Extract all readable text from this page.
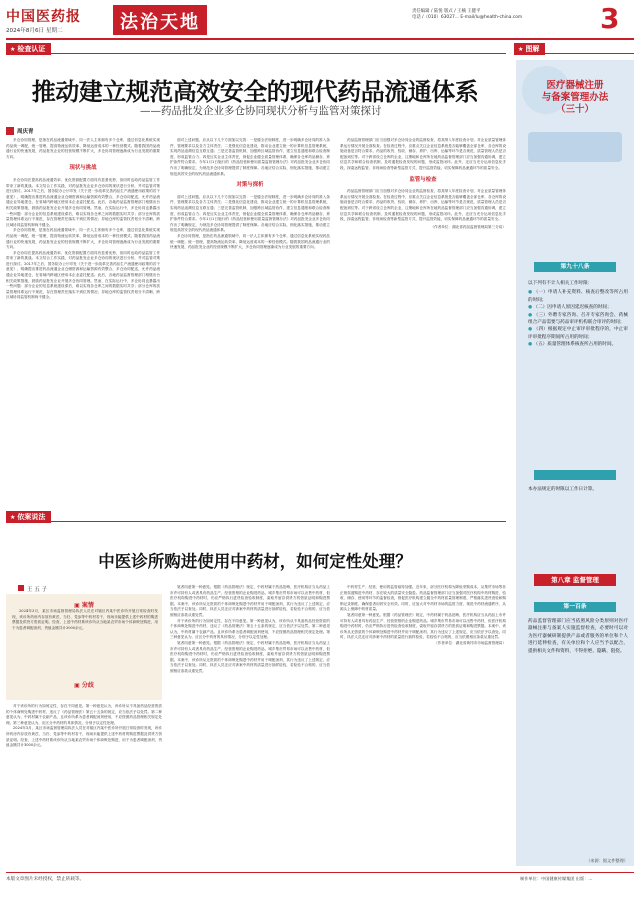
中国医药报
2024年8月6日 星期二	法治天地
责任编辑 / 陆悦 版式 / 王楠 王健平
电话 /（010）63027... E-mail/lu@health-china.com	3
★ 检查认证
推动建立规范高效安全的现代药品流通体系
——药品批发企业多仓协同现状分析与监管对策探讨
周庆青

多仓协同管理，是指在药品流通领域中，同一法人主体拥有多个仓库，通过信息化系统实现药品统一调配、统一管理，提高物流运转效率、降低运营成本的一种经营模式。随着我国药品流通行业的快速发展，药品批发企业的经营规模不断扩大，多仓协同管理逐渐成为行业发展的重要方向。

现状与挑战

多仓协同在提高药品流通效率、优化资源配置方面具有显著优势，但同时也给药品监管工作带来了新的挑战。本文结合工作实践，对药品批发企业多仓协同的现状进行分析，并对监管对策进行探讨。2017年之后，国务院办公厅印发《关于进一步改革完善药品生产流通使用政策的若干意见》，明确提出推进药品流通企业仓储资源和运输资源有效整合，多仓协同配送，允许药品流通企业异地建仓，在省域内跨地区使用本企业委托配送。此后，各地药品监督管理部门相继出台相关政策措施，鼓励药品批发企业开展多仓协同管理。然而，在实际运行中，多仓协同也暴露出一些问题：部分企业的信息系统建设滞后，难以实现各仓库之间的数据实时共享；部分仓库的质量管理体系运行不规范，存在管理责任落实不到位的情况；异地仓库的监管权责划分不清晰，跨区域协同监管机制尚不健全。

多仓协同管理，是指在药品流通领域中，同一法人主体拥有多个仓库，通过信息化系统实现药品统一调配、统一管理，提高物流运转效率、降低运营成本的一种经营模式。随着我国药品流通行业的快速发展，药品批发企业的经营规模不断扩大，多仓协同管理逐渐成为行业发展的重要方向。

多仓协同在提高药品流通效率、优化资源配置方面具有显著优势，但同时也给药品监管工作带来了新的挑战。本文结合工作实践，对药品批发企业多仓协同的现状进行分析，并对监管对策进行探讨。2017年之后，国务院办公厅印发《关于进一步改革完善药品生产流通使用政策的若干意见》，明确提出推进药品流通企业仓储资源和运输资源有效整合，多仓协同配送，允许药品流通企业异地建仓，在省域内跨地区使用本企业委托配送。此后，各地药品监督管理部门相继出台相关政策措施，鼓励药品批发企业开展多仓协同管理。然而，在实际运行中，多仓协同也暴露出一些问题：部分企业的信息系统建设滞后，难以实现各仓库之间的数据实时共享；部分仓库的质量管理体系运行不规范，存在管理责任落实不到位的情况；异地仓库的监管权责划分不清晰，跨区域协同监管机制尚不健全。

面对上述问题，应从以下几个方面加以完善：一是健全法规制度，进一步明确多仓协同的准入条件、管理要求以及各方主体责任；二是强化信息化建设，推动企业建立统一的计算机信息管理系统，实现药品追溯信息互联互通；三是完善监管机制，加强跨区域监管协作，建立信息通报和联合检查制度，形成监管合力；四是压实企业主体责任，督促企业健全质量管理体系，确保各仓库药品储存、养护条件符合要求。今年1月1日施行的《药品经营和使用质量监督管理办法》对药品批发企业多仓协同作出了明确规定，为规范多仓协同管理提供了制度保障。各地应结合实际，细化落实措施，推动建立规范高效安全的现代药品流通体系。

对策与探析

面对上述问题，应从以下几个方面加以完善：一是健全法规制度，进一步明确多仓协同的准入条件、管理要求以及各方主体责任；二是强化信息化建设，推动企业建立统一的计算机信息管理系统，实现药品追溯信息互联互通；三是完善监管机制，加强跨区域监管协作，建立信息通报和联合检查制度，形成监管合力；四是压实企业主体责任，督促企业健全质量管理体系，确保各仓库药品储存、养护条件符合要求。今年1月1日施行的《药品经营和使用质量监督管理办法》对药品批发企业多仓协同作出了明确规定，为规范多仓协同管理提供了制度保障。各地应结合实际，细化落实措施，推动建立规范高效安全的现代药品流通体系。

多仓协同管理，是指在药品流通领域中，同一法人主体拥有多个仓库，通过信息化系统实现药品统一调配、统一管理，提高物流运转效率、降低运营成本的一种经营模式。随着我国药品流通行业的快速发展，药品批发企业的经营规模不断扩大，多仓协同管理逐渐成为行业发展的重要方向。

药品监督管理部门应当加强对多仓协同企业的监督检查，将其纳入年度检查计划，对企业质量管理体系运行情况开展全面检查。在检查过程中，应重点关注企业信息系统是否能够覆盖全部仓库，各仓库的设施设备是否符合要求，药品的收货、验收、储存、养护、出库、运输等环节是否规范，质量管理人员是否配备到位等。对于跨省设立仓库的企业，注册地和仓库所在地药品监督管理部门应当加强沟通协调，建立信息共享和联合检查机制，及时通报检查发现的问题，形成监管闭环。此外，还应当充分运用信息化手段，探索远程监管、非现场检查等新型监管方式，提升监管效能，切实保障药品流通环节的质量安全。

监管与检查

药品监督管理部门应当加强对多仓协同企业的监督检查，将其纳入年度检查计划，对企业质量管理体系运行情况开展全面检查。在检查过程中，应重点关注企业信息系统是否能够覆盖全部仓库，各仓库的设施设备是否符合要求，药品的收货、验收、储存、养护、出库、运输等环节是否规范，质量管理人员是否配备到位等。对于跨省设立仓库的企业，注册地和仓库所在地药品监督管理部门应当加强沟通协调，建立信息共享和联合检查机制，及时通报检查发现的问题，形成监管闭环。此外，还应当充分运用信息化手段，探索远程监管、非现场检查等新型监管方式，提升监管效能，切实保障药品流通环节的质量安全。

（作者单位：湖北省药品监督管理局第三分局）
★ 依案说法
中医诊所购进使用中药材，如何定性处理？
王 五 子
▣ 案情

2024年3月，某区市场监督管理局执法人员在对辖区内某中医诊所开展日常检查时发现，该诊所药房内存放有黄芪、当归、党参等中药材若干，现场未能提供上述中药材的购进票据及供货方资质证明。经查，上述中药材系该诊所从当地某农贸市场个体商贩处购进，用于为患者调配汤剂，货值金额共计3000余元。

▣ 分歧

对于该诊所的行为如何定性，存在不同意见。第一种意见认为，该诊所从不具备药品经营资质的个体商贩处购进中药材，违反了《药品管理法》第五十五条的规定，应当依法予以处罚。第二种意见认为，中药材属于农副产品，且该诊所系为患者调配汤剂使用，不应按照药品管理相关规定处理。第三种意见认为，应区分中药材的具体情况，分别予以定性处理。

2024年3月，某区市场监督管理局执法人员在对辖区内某中医诊所开展日常检查时发现，该诊所药房内存放有黄芪、当归、党参等中药材若干，现场未能提供上述中药材的购进票据及供货方资质证明。经查，上述中药材系该诊所从当地某农贸市场个体商贩处购进，用于为患者调配汤剂，货值金额共计3000余元。

笔者同意第一种意见。根据《药品管理法》规定，中药材属于药品范畴，医疗机构应当从药品上市许可持有人或者具有药品生产、经营资格的企业购进药品。城乡集市贸易市场可以出售中药材，但医疗机构购进中药材时，仍应严格执行进货检查验收制度，索取并留存供货方的资质证明和购进票据。本案中，该诊所从无资质的个体商贩处购进中药材并用于调配汤剂，其行为违反了上述规定，应当依法予以查处。同时，执法人员还应对涉案中药材的质量进行抽样检验，若检验不合格的，应当依照相应条款从重处罚。

对于该诊所的行为如何定性，存在不同意见。第一种意见认为，该诊所从不具备药品经营资质的个体商贩处购进中药材，违反了《药品管理法》第五十五条的规定，应当依法予以处罚。第二种意见认为，中药材属于农副产品，且该诊所系为患者调配汤剂使用，不应按照药品管理相关规定处理。第三种意见认为，应区分中药材的具体情况，分别予以定性处理。

笔者同意第一种意见。根据《药品管理法》规定，中药材属于药品范畴，医疗机构应当从药品上市许可持有人或者具有药品生产、经营资格的企业购进药品。城乡集市贸易市场可以出售中药材，但医疗机构购进中药材时，仍应严格执行进货检查验收制度，索取并留存供货方的资质证明和购进票据。本案中，该诊所从无资质的个体商贩处购进中药材并用于调配汤剂，其行为违反了上述规定，应当依法予以查处。同时，执法人员还应对涉案中药材的质量进行抽样检验，若检验不合格的，应当依照相应条款从重处罚。

中药材生产、经营、使用的监管亟待加强。近年来，部分医疗机构为降低采购成本，从集贸市场等非正规渠道购进中药材，存在较大的质量安全隐患。药品监督管理部门应当加强对医疗机构中药材购进、验收、储存、使用等环节的监督检查，督促医疗机构建立健全中药材质量管理制度，严格落实进货查验和购销记录制度，确保患者用药安全有效。同时，应加大对中药材市场的监管力度，规范中药材流通秩序，从源头上保障中药材质量。

笔者同意第一种意见。根据《药品管理法》规定，中药材属于药品范畴，医疗机构应当从药品上市许可持有人或者具有药品生产、经营资格的企业购进药品。城乡集市贸易市场可以出售中药材，但医疗机构购进中药材时，仍应严格执行进货检查验收制度，索取并留存供货方的资质证明和购进票据。本案中，该诊所从无资质的个体商贩处购进中药材并用于调配汤剂，其行为违反了上述规定，应当依法予以查处。同时，执法人员还应对涉案中药材的质量进行抽样检验，若检验不合格的，应当依照相应条款从重处罚。

（作者单位：湖北省黄冈市市场监督管理局）
★ 图解
医疗器械注册
与备案管理办法
（三十）
第九十八条
以下列有不计人相关工作时限：
● （一）申请人补充资料、核查后整改等所占用的时间；
● （二）因申请人原因延迟核查的时间；
● （三）外聘专家咨询、召开专家咨询会、药械组合产品需要与药品审评机构联合审评的时间；
● （四）根据规定中止审评审批程序的，中止审评审批程序期间所占用的时间；
● （五）质量管理体系核查所占用的时间。
本办法规定的时限以工作日计算。
第八章 监督管理
第一百条
药品监督管理部门应当依照风险分类原则对医疗器械注册与备案人实施监督检查，必要时可以对为医疗器械研制提供产品或者服务的单位和个人进行延伸检查，有关单位和个人应当予以配合，提供相关文件和资料，不得拒绝、隐瞒、阻挠。
（来源：据文件整理）
本版文章图片未经授权，禁止转载等。	制作单位：中国健康传媒集团 出版：...
